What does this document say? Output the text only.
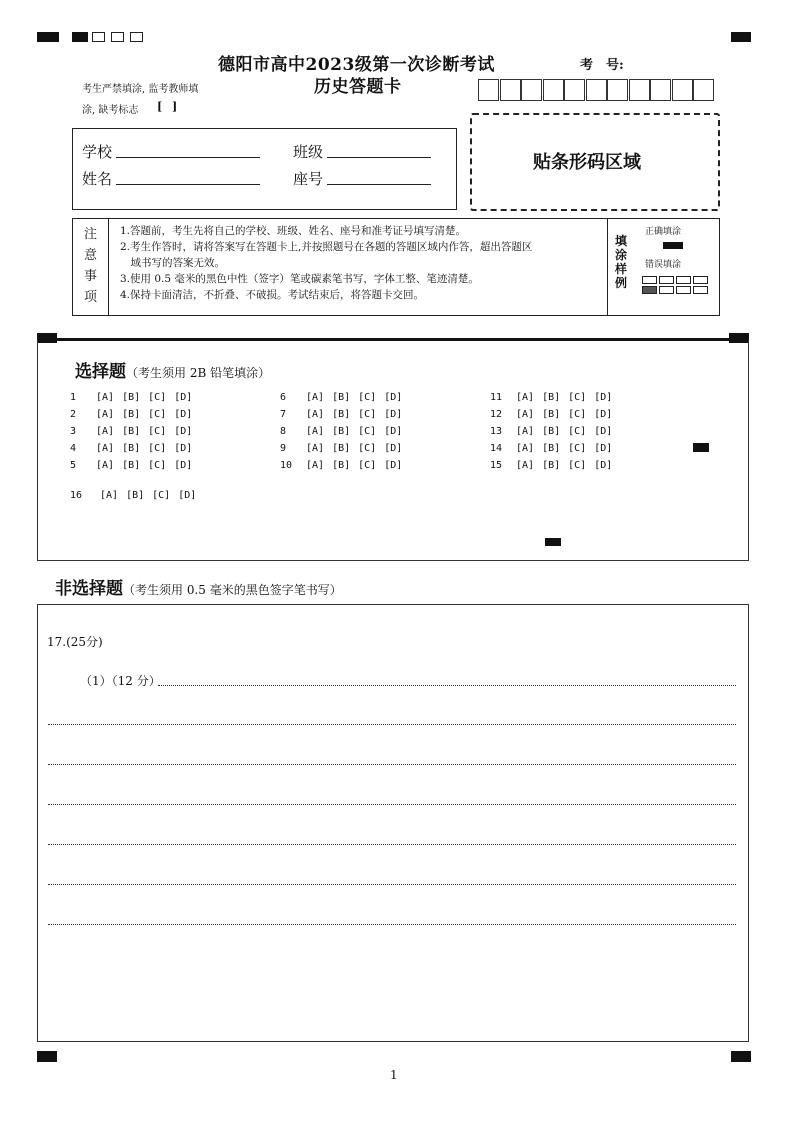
德阳市高中2023级第一次诊断考试
历史答题卡
考　号:
考生严禁填涂, 监考教师填
涂, 缺考标志 [ ]
学校	班级
姓名	座号
贴条形码区域
注
意
事
项
1.答题前，考生先将自己的学校、班级、姓名、座号和准考证号填写清楚。
2.考生作答时，请将答案写在答题卡上,并按照题号在各题的答题区域内作答，超出答题区
　域书写的答案无效。
3.使用 0.5 毫米的黑色中性（签字）笔或碳素笔书写，字体工整、笔迹清楚。
4.保持卡面清洁，不折叠、不破损。考试结束后，将答题卡交回。
填
涂
样
例
正确填涂
错误填涂
选择题（考生须用 2B 铅笔填涂）
1 [A] [B] [C] [D]
2 [A] [B] [C] [D]
3 [A] [B] [C] [D]
4 [A] [B] [C] [D]
5 [A] [B] [C] [D]
6 [A] [B] [C] [D]
7 [A] [B] [C] [D]
8 [A] [B] [C] [D]
9 [A] [B] [C] [D]
10 [A] [B] [C] [D]
11 [A] [B] [C] [D]
12 [A] [B] [C] [D]
13 [A] [B] [C] [D]
14 [A] [B] [C] [D]
15 [A] [B] [C] [D]
16 [A] [B] [C] [D]
非选择题（考生须用 0.5 毫米的黑色签字笔书写）
17.(25分)
（1）（12 分）
1
